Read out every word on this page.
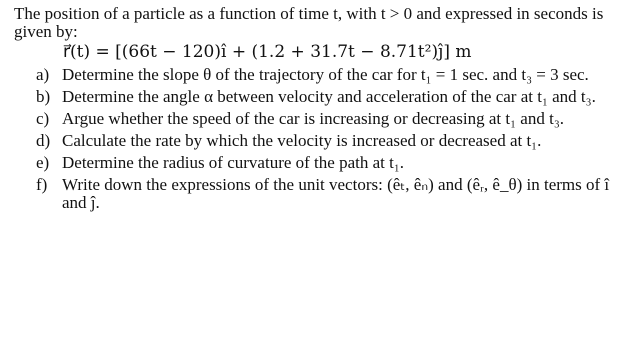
The position of a particle as a function of time t, with t > 0 and expressed in seconds is given by:
r⃗(t) = [(66t − 120)î + (1.2 + 31.7t − 8.71t²)ĵ] m
a) Determine the slope θ of the trajectory of the car for t₁ = 1 sec. and t₃ = 3 sec.
b) Determine the angle α between velocity and acceleration of the car at t₁ and t₃.
c) Argue whether the speed of the car is increasing or decreasing at t₁ and t₃.
d) Calculate the rate by which the velocity is increased or decreased at t₁.
e) Determine the radius of curvature of the path at t₁.
f) Write down the expressions of the unit vectors: (êₜ, êₙ) and (êᵣ, ê_θ) in terms of î and ĵ.
